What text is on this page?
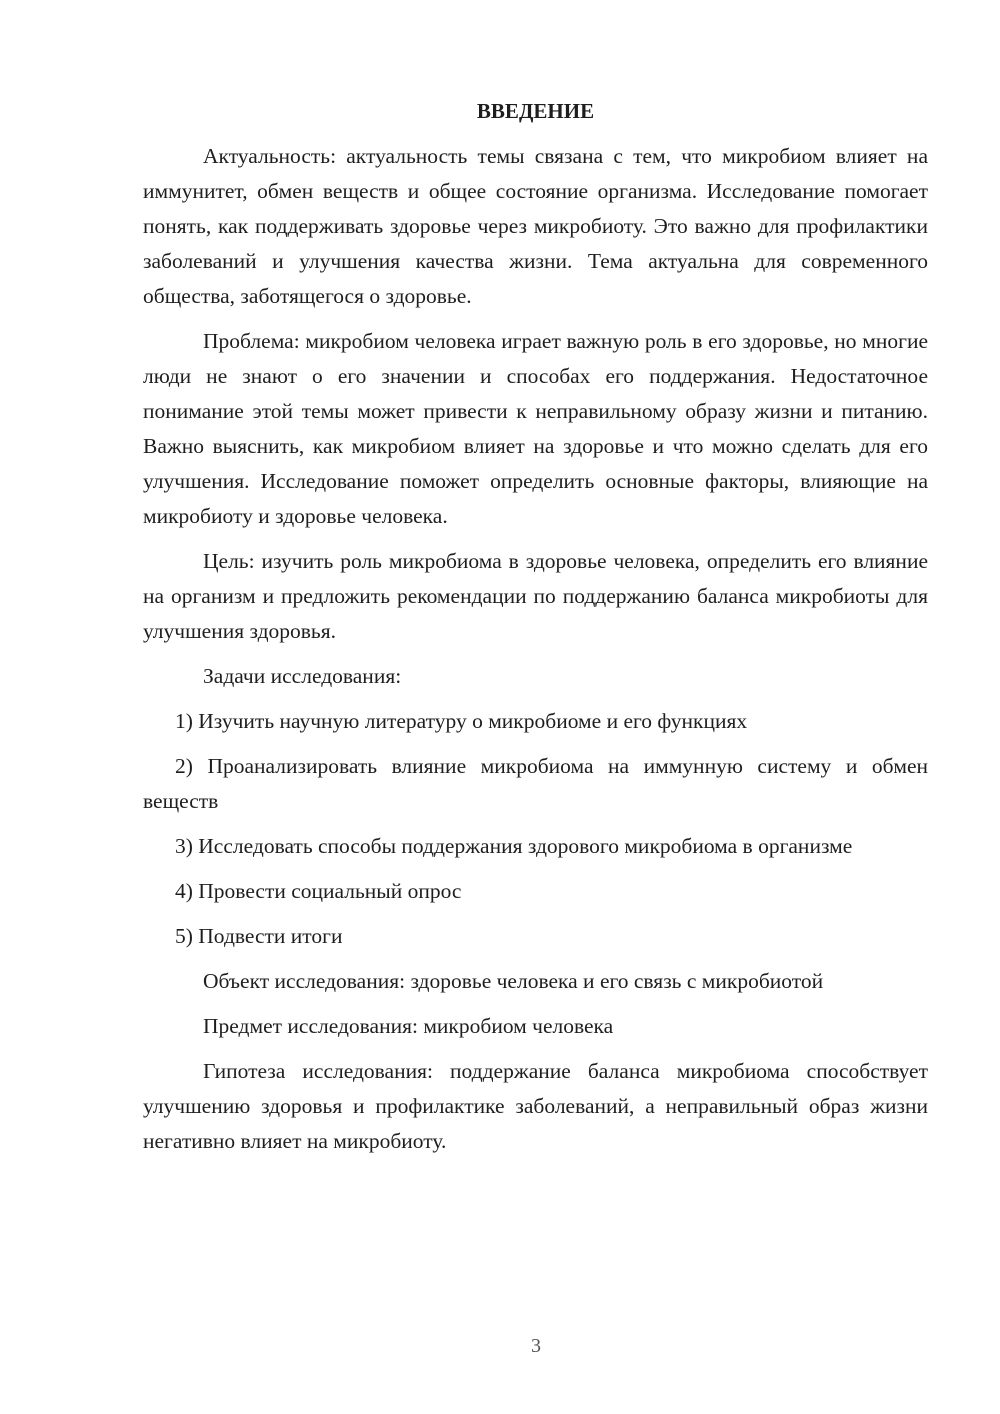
ВВЕДЕНИЕ

Актуальность: актуальность темы связана с тем, что микробиом влияет на иммунитет, обмен веществ и общее состояние организма. Исследование помогает понять, как поддерживать здоровье через микробиоту. Это важно для профилактики заболеваний и улучшения качества жизни. Тема актуальна для современного общества, заботящегося о здоровье.

Проблема: микробиом человека играет важную роль в его здоровье, но многие люди не знают о его значении и способах его поддержания. Недостаточное понимание этой темы может привести к неправильному образу жизни и питанию. Важно выяснить, как микробиом влияет на здоровье и что можно сделать для его улучшения. Исследование поможет определить основные факторы, влияющие на микробиоту и здоровье человека.

Цель: изучить роль микробиома в здоровье человека, определить его влияние на организм и предложить рекомендации по поддержанию баланса микробиоты для улучшения здоровья.

Задачи исследования:

1) Изучить научную литературу о микробиоме и его функциях

2) Проанализировать влияние микробиома на иммунную систему и обмен веществ

3) Исследовать способы поддержания здорового микробиома в организме

4) Провести социальный опрос

5) Подвести итоги

Объект исследования: здоровье человека и его связь с микробиотой

Предмет исследования: микробиом человека

Гипотеза исследования: поддержание баланса микробиома способствует улучшению здоровья и профилактике заболеваний, а неправильный образ жизни негативно влияет на микробиоту.

3
